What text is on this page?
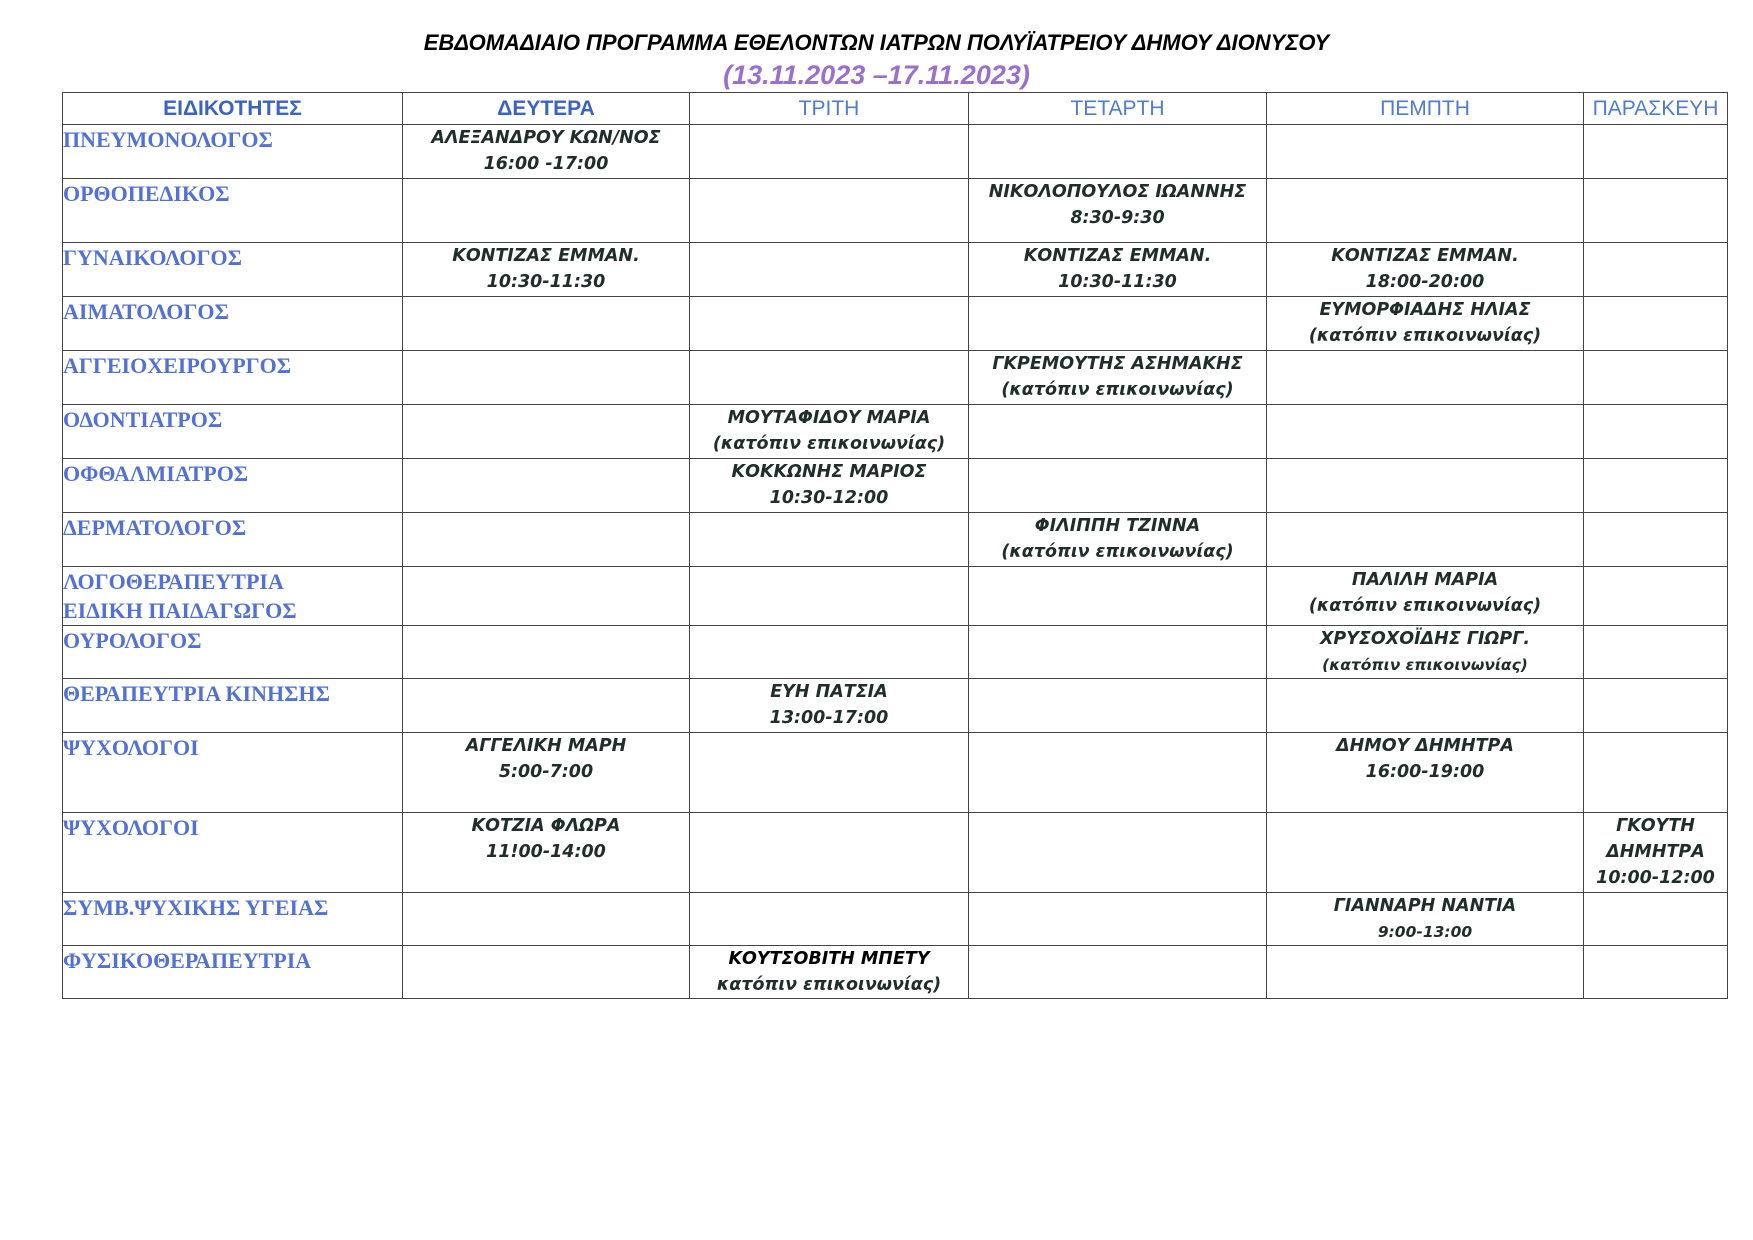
ΕΒΔΟΜΑΔΙΑΙΟ ΠΡΟΓΡΑΜΜΑ ΕΘΕΛΟΝΤΩΝ ΙΑΤΡΩΝ ΠΟΛΥΪΑΤΡΕΙΟΥ ΔΗΜΟΥ ΔΙΟΝΥΣΟΥ
(13.11.2023 –17.11.2023)
ΕΙΔΙΚΟΤΗΤΕΣ	ΔΕΥΤΕΡΑ	ΤΡΙΤΗ	ΤΕΤΑΡΤΗ	ΠΕΜΠΤΗ	ΠΑΡΑΣΚΕΥΗ

ΠΝΕΥΜΟΝΟΛΟΓΟΣ	ΑΛΕΞΑΝΔΡΟΥ ΚΩΝ/ΝΟΣ
16:00 -17:00				

ΟΡΘΟΠΕΔΙΚΟΣ			ΝΙΚΟΛΟΠΟΥΛΟΣ ΙΩΑΝΝΗΣ
8:30-9:30		

ΓΥΝΑΙΚΟΛΟΓΟΣ	ΚΟΝΤΙΖΑΣ ΕΜΜΑΝ.
10:30-11:30		ΚΟΝΤΙΖΑΣ ΕΜΜΑΝ.
10:30-11:30	ΚΟΝΤΙΖΑΣ ΕΜΜΑΝ.
18:00-20:00	

ΑΙΜΑΤΟΛΟΓΟΣ				ΕΥΜΟΡΦΙΑΔΗΣ ΗΛΙΑΣ
(κατόπιν επικοινωνίας)	

ΑΓΓΕΙΟΧΕΙΡΟΥΡΓΟΣ			ΓΚΡΕΜΟΥΤΗΣ ΑΣΗΜΑΚΗΣ
(κατόπιν επικοινωνίας)		

ΟΔΟΝΤΙΑΤΡΟΣ		ΜΟΥΤΑΦΙΔΟΥ ΜΑΡΙΑ
(κατόπιν επικοινωνίας)			

ΟΦΘΑΛΜΙΑΤΡΟΣ		ΚΟΚΚΩΝΗΣ ΜΑΡΙΟΣ
10:30-12:00			

ΔΕΡΜΑΤΟΛΟΓΟΣ			ΦΙΛΙΠΠΗ ΤΖΙΝΝΑ
(κατόπιν επικοινωνίας)		

ΛΟΓΟΘΕΡΑΠΕΥΤΡΙΑ
ΕΙΔΙΚΗ ΠΑΙΔΑΓΩΓΟΣ				ΠΑΛΙΛΗ ΜΑΡΙΑ
(κατόπιν επικοινωνίας)	

ΟΥΡΟΛΟΓΟΣ				ΧΡΥΣΟΧΟΪΔΗΣ ΓΙΩΡΓ.
(κατόπιν επικοινωνίας)	

ΘΕΡΑΠΕΥΤΡΙΑ ΚΙΝΗΣΗΣ		ΕΥΗ ΠΑΤΣΙΑ
13:00-17:00			

ΨΥΧΟΛΟΓΟΙ	ΑΓΓΕΛΙΚΗ ΜΑΡΗ
5:00-7:00			ΔΗΜΟΥ ΔΗΜΗΤΡΑ
16:00-19:00	

ΨΥΧΟΛΟΓΟΙ	ΚΟΤΖΙΑ ΦΛΩΡΑ
11!00-14:00				ΓΚΟΥΤΗ
ΔΗΜΗΤΡΑ
10:00-12:00

ΣΥΜΒ.ΨΥΧΙΚΗΣ ΥΓΕΙΑΣ				ΓΙΑΝΝΑΡΗ ΝΑΝΤΙΑ
9:00-13:00	

ΦΥΣΙΚΟΘΕΡΑΠΕΥΤΡΙΑ		ΚΟΥΤΣΟΒΙΤΗ ΜΠΕΤΥ
κατόπιν επικοινωνίας)			
